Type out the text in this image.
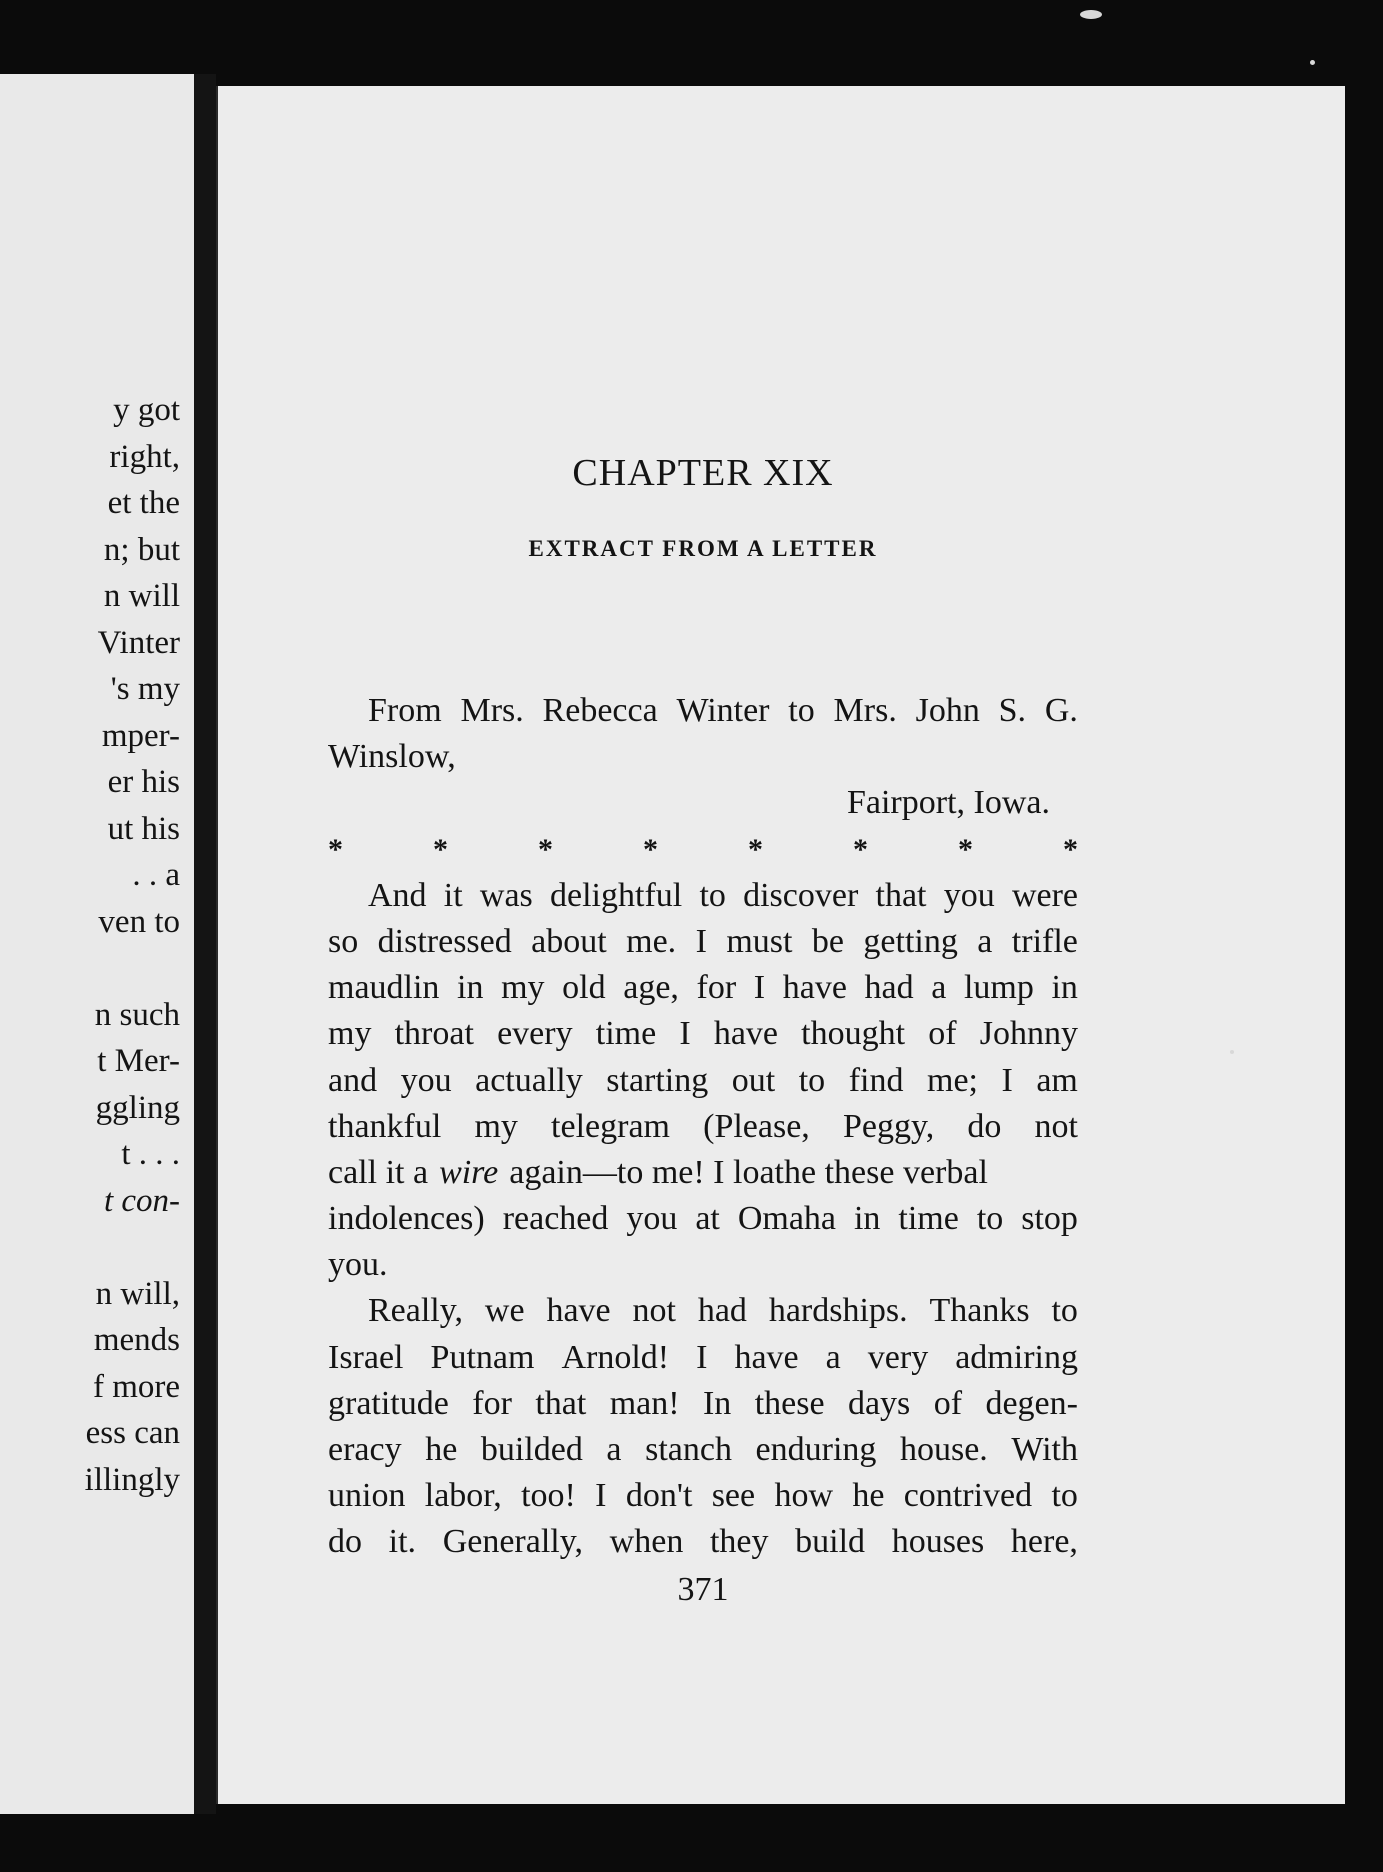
y got
right,
et the
n; but
n will
Vinter
's my
mper-
er his
ut his
. . a
ven to
n such
t Mer-
ggling
t . . .
t con-
n will,
mends
f more
ess can
illingly
CHAPTER XIX
EXTRACT FROM A LETTER
From Mrs. Rebecca Winter to Mrs. John S. G.
Winslow,
Fairport, Iowa.
*	*	*	*	*	*	*	*
And it was delightful to discover that you were
so distressed about me. I must be getting a trifle
maudlin in my old age, for I have had a lump in
my throat every time I have thought of Johnny
and you actually starting out to find me; I am
thankful my telegram (Please, Peggy, do not
call it a wire again—to me! I loathe these verbal
indolences) reached you at Omaha in time to stop
you.
Really, we have not had hardships. Thanks to
Israel Putnam Arnold! I have a very admiring
gratitude for that man! In these days of degen-
eracy he builded a stanch enduring house. With
union labor, too! I don't see how he contrived to
do it. Generally, when they build houses here,
371
